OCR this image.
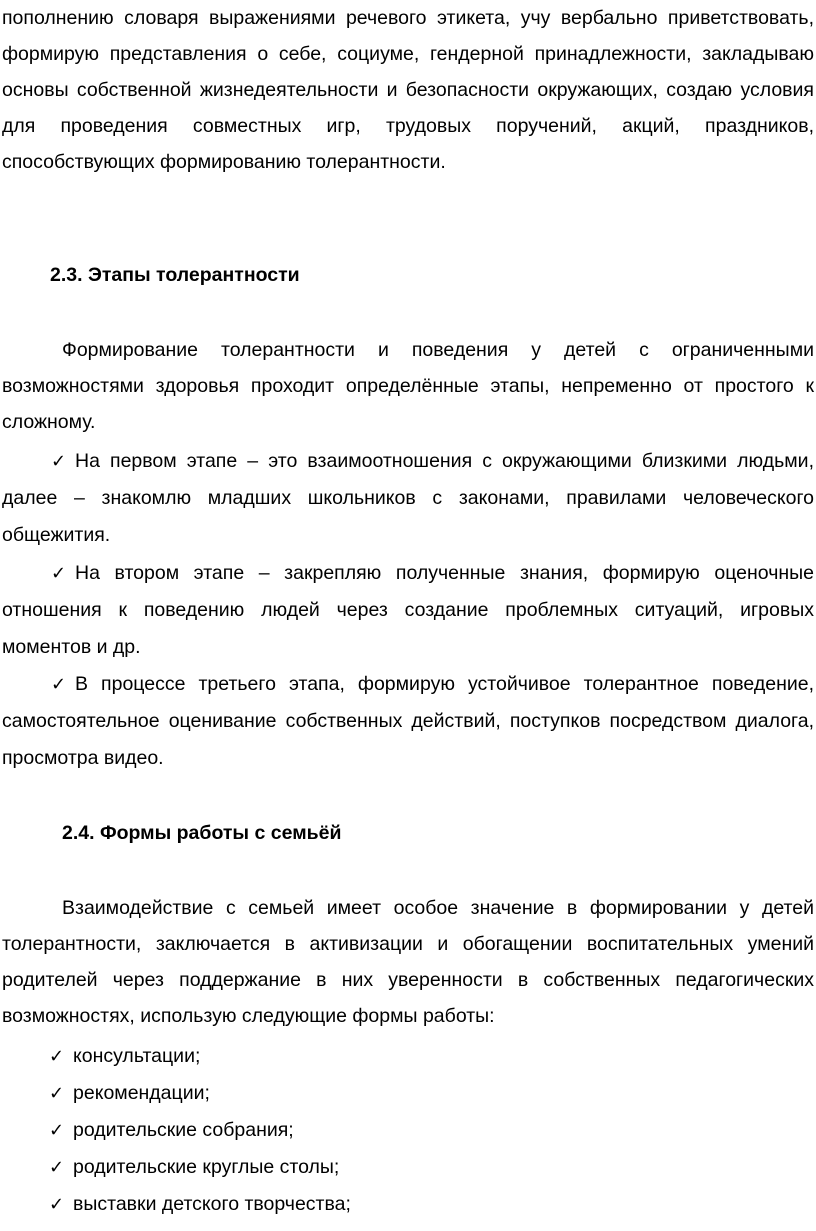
пополнению словаря выражениями речевого этикета, учу вербально приветствовать, формирую представления о себе, социуме, гендерной принадлежности, закладываю основы собственной жизнедеятельности и безопасности окружающих, создаю условия для проведения совместных игр, трудовых поручений, акций, праздников, способствующих формированию толерантности.

2.3. Этапы толерантности

Формирование толерантности и поведения у детей с ограниченными возможностями здоровья проходит определённые этапы, непременно от простого к сложному.

✓ На первом этапе – это взаимоотношения с окружающими близкими людьми, далее – знакомлю младших школьников с законами, правилами человеческого общежития.

✓ На втором этапе – закрепляю полученные знания, формирую оценочные отношения к поведению людей через создание проблемных ситуаций, игровых моментов и др.

✓ В процессе третьего этапа, формирую устойчивое толерантное поведение, самостоятельное оценивание собственных действий, поступков посредством диалога, просмотра видео.

2.4. Формы работы с семьёй

Взаимодействие с семьей имеет особое значение в формировании у детей толерантности, заключается в активизации и обогащении воспитательных умений родителей через поддержание в них уверенности в собственных педагогических возможностях, использую следующие формы работы:

✓ консультации;
✓ рекомендации;
✓ родительские собрания;
✓ родительские круглые столы;
✓ выставки детского творчества;
